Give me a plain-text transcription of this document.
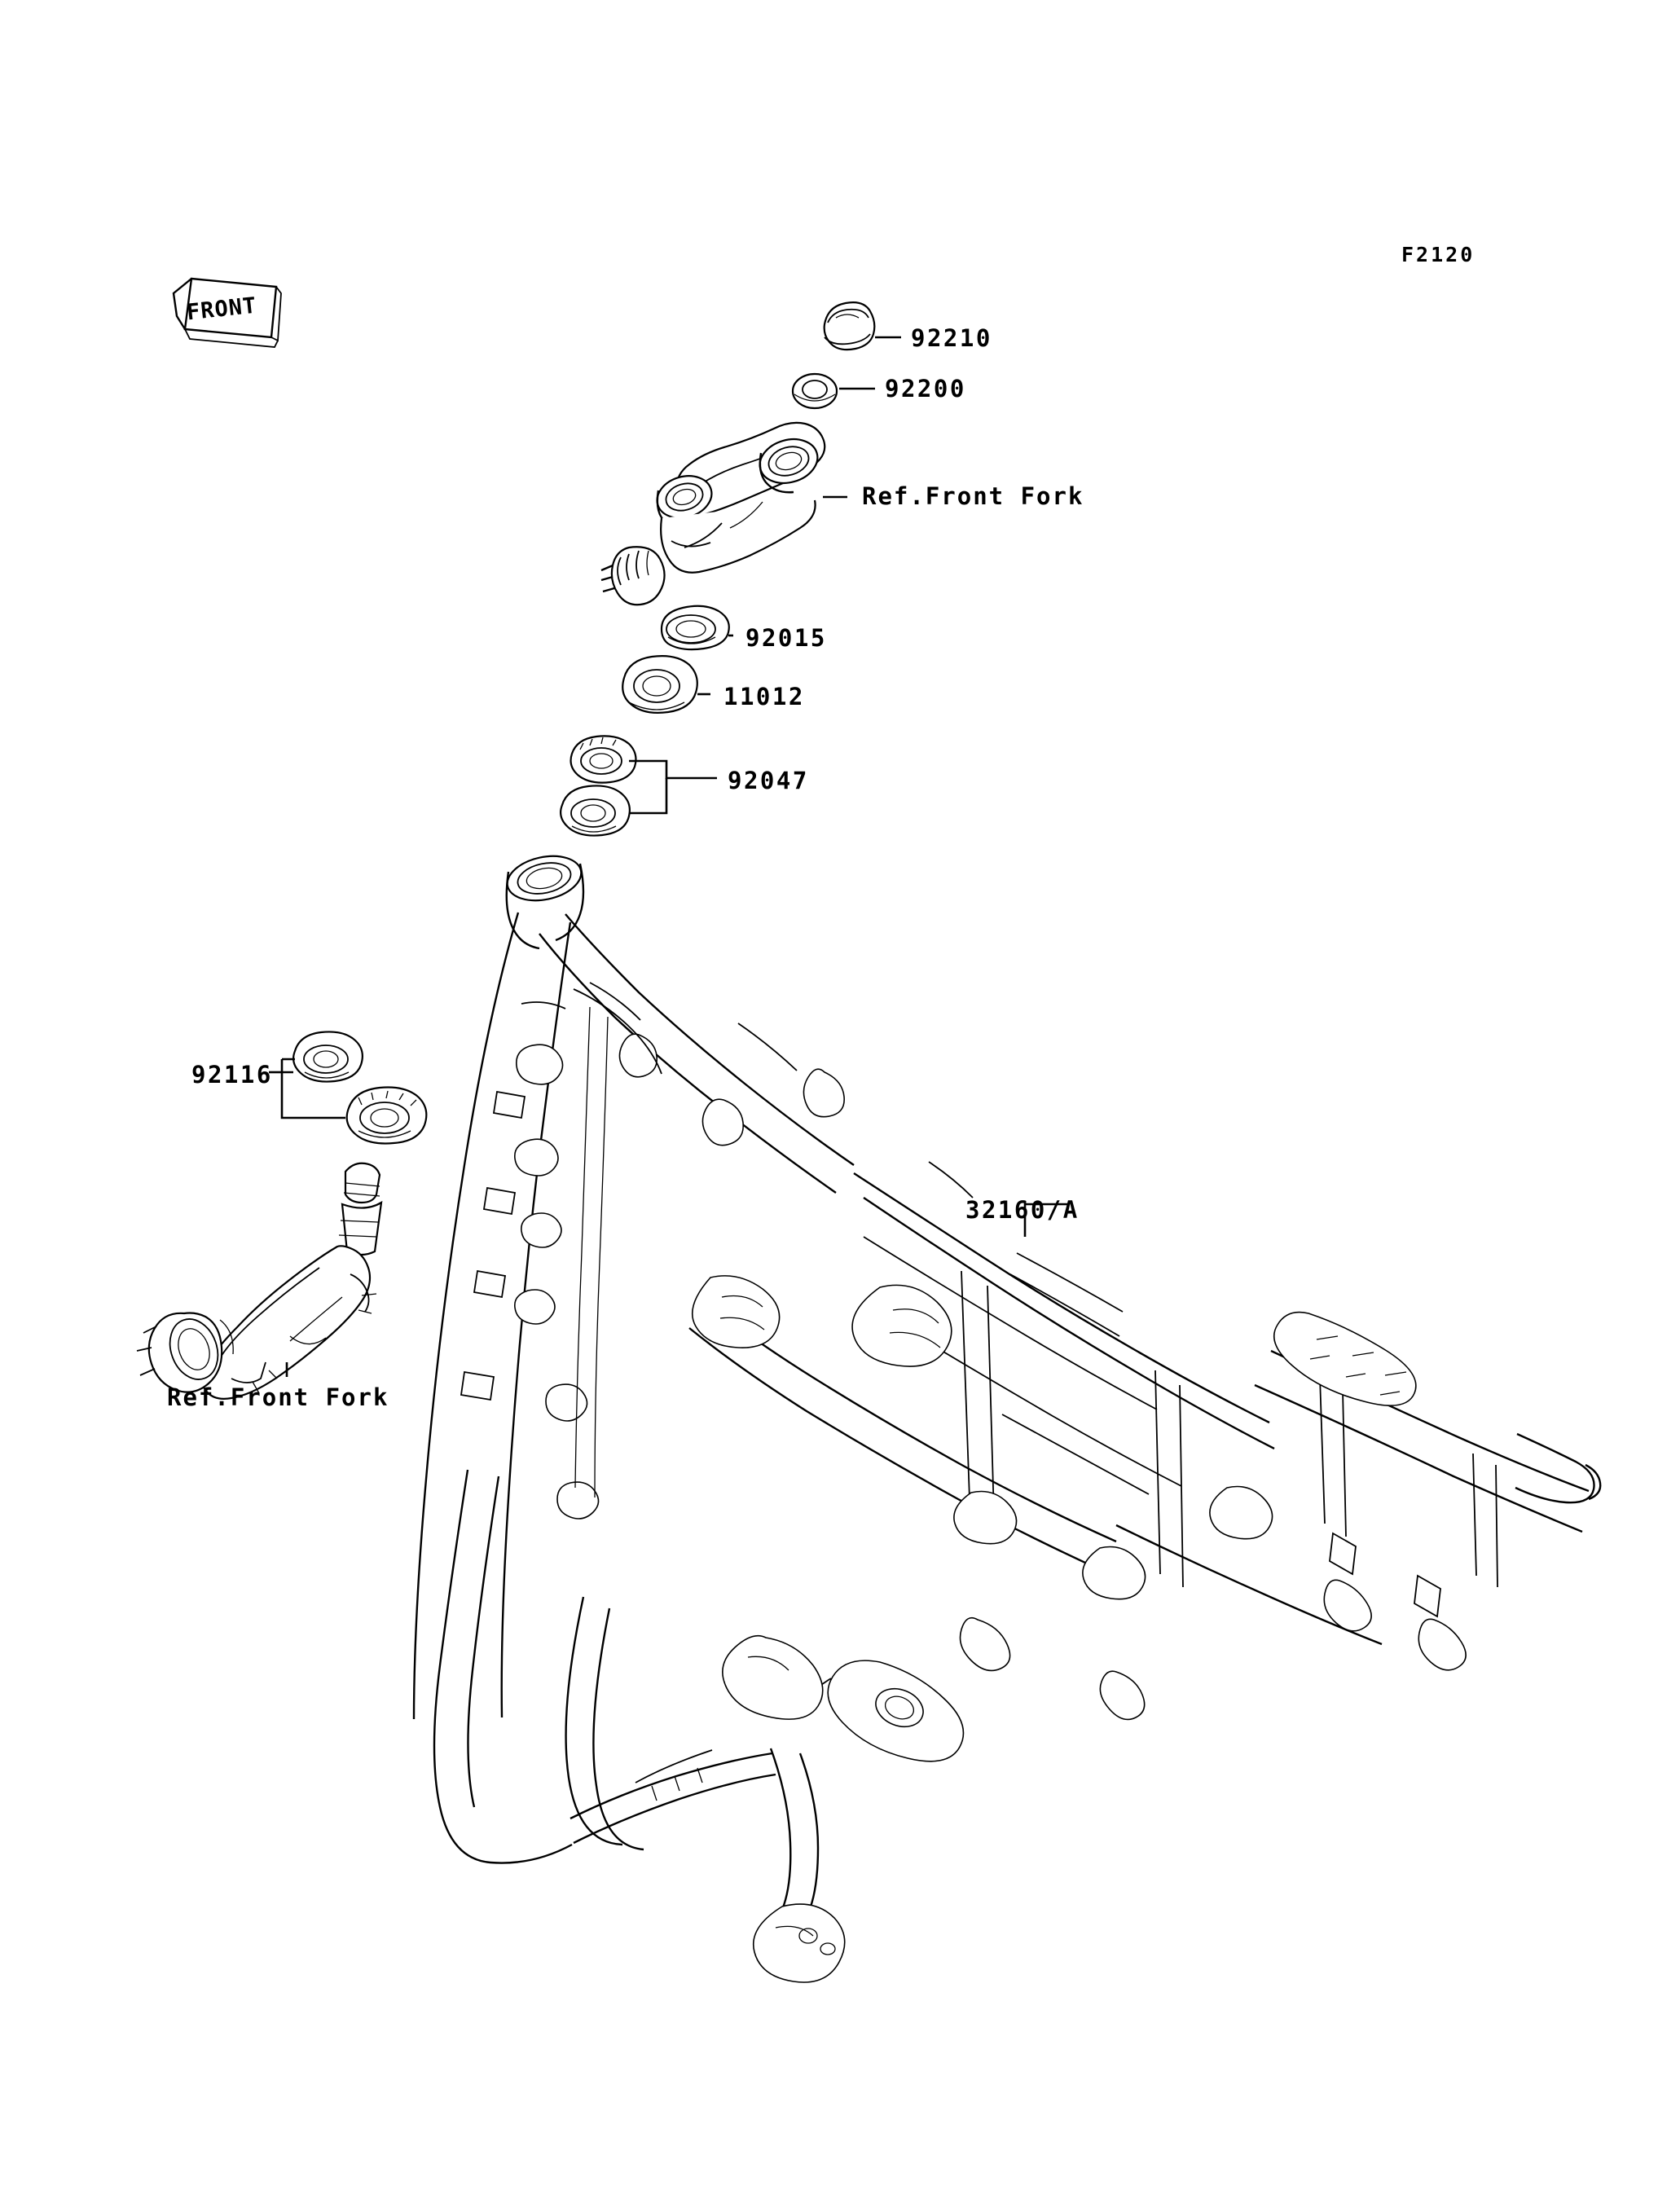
F2120
FRONT
92210
92200
Ref.Front Fork
92015
11012
92047
92116
32160/A
Ref.Front Fork
